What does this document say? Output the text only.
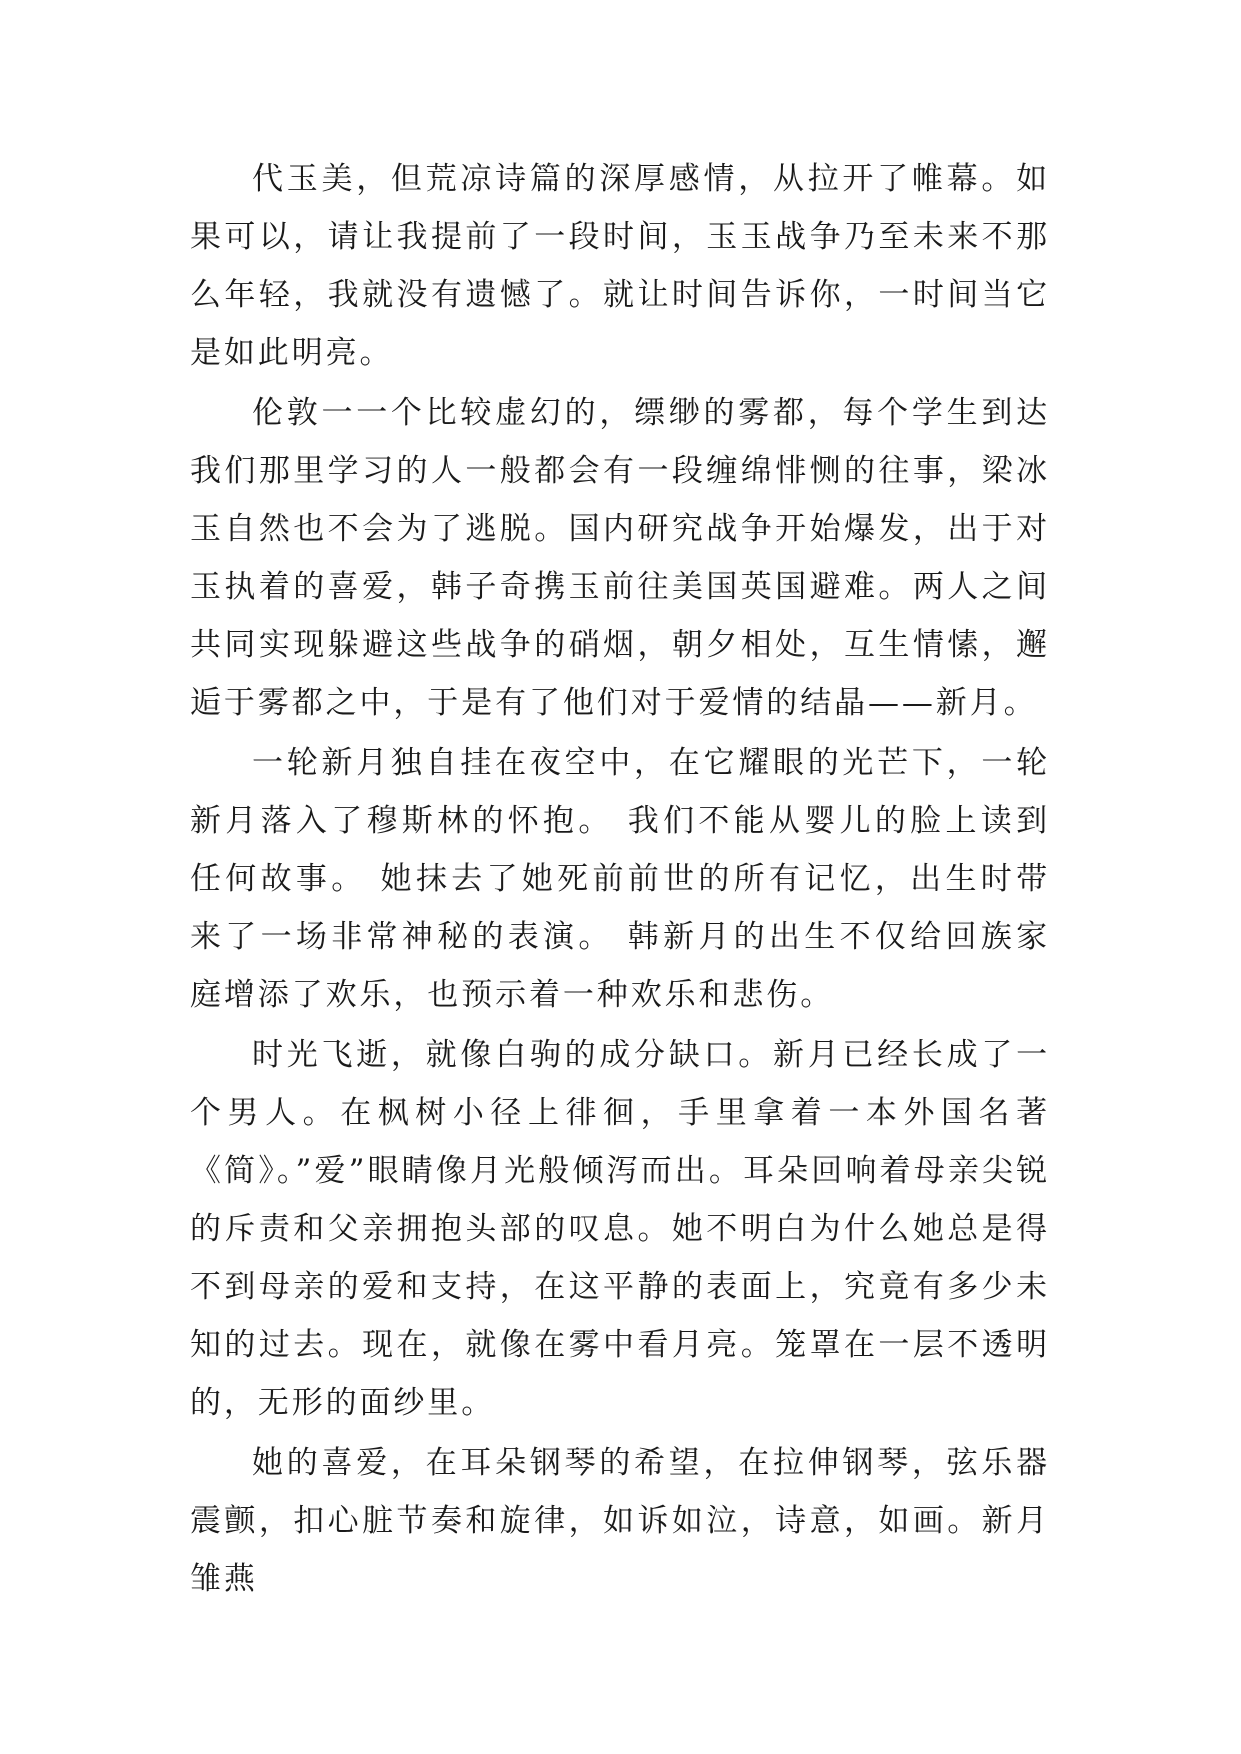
代玉美，但荒凉诗篇的深厚感情，从拉开了帷幕。如果可以，请让我提前了一段时间，玉玉战争乃至未来不那么年轻，我就没有遗憾了。就让时间告诉你，一时间当它是如此明亮。

伦敦一一个比较虚幻的，缥缈的雾都，每个学生到达我们那里学习的人一般都会有一段缠绵悱恻的往事，梁冰玉自然也不会为了逃脱。国内研究战争开始爆发，出于对玉执着的喜爱，韩子奇携玉前往美国英国避难。两人之间共同实现躲避这些战争的硝烟，朝夕相处，互生情愫，邂逅于雾都之中，于是有了他们对于爱情的结晶——新月。

一轮新月独自挂在夜空中，在它耀眼的光芒下，一轮新月落入了穆斯林的怀抱。 我们不能从婴儿的脸上读到任何故事。 她抹去了她死前前世的所有记忆，出生时带来了一场非常神秘的表演。 韩新月的出生不仅给回族家庭增添了欢乐，也预示着一种欢乐和悲伤。

时光飞逝，就像白驹的成分缺口。新月已经长成了一个男人。在枫树小径上徘徊，手里拿着一本外国名著《简》。”爱”眼睛像月光般倾泻而出。耳朵回响着母亲尖锐的斥责和父亲拥抱头部的叹息。她不明白为什么她总是得不到母亲的爱和支持，在这平静的表面上，究竟有多少未知的过去。现在，就像在雾中看月亮。笼罩在一层不透明的，无形的面纱里。

她的喜爱，在耳朵钢琴的希望，在拉伸钢琴，弦乐器震颤，扣心脏节奏和旋律，如诉如泣，诗意，如画。新月雏燕
